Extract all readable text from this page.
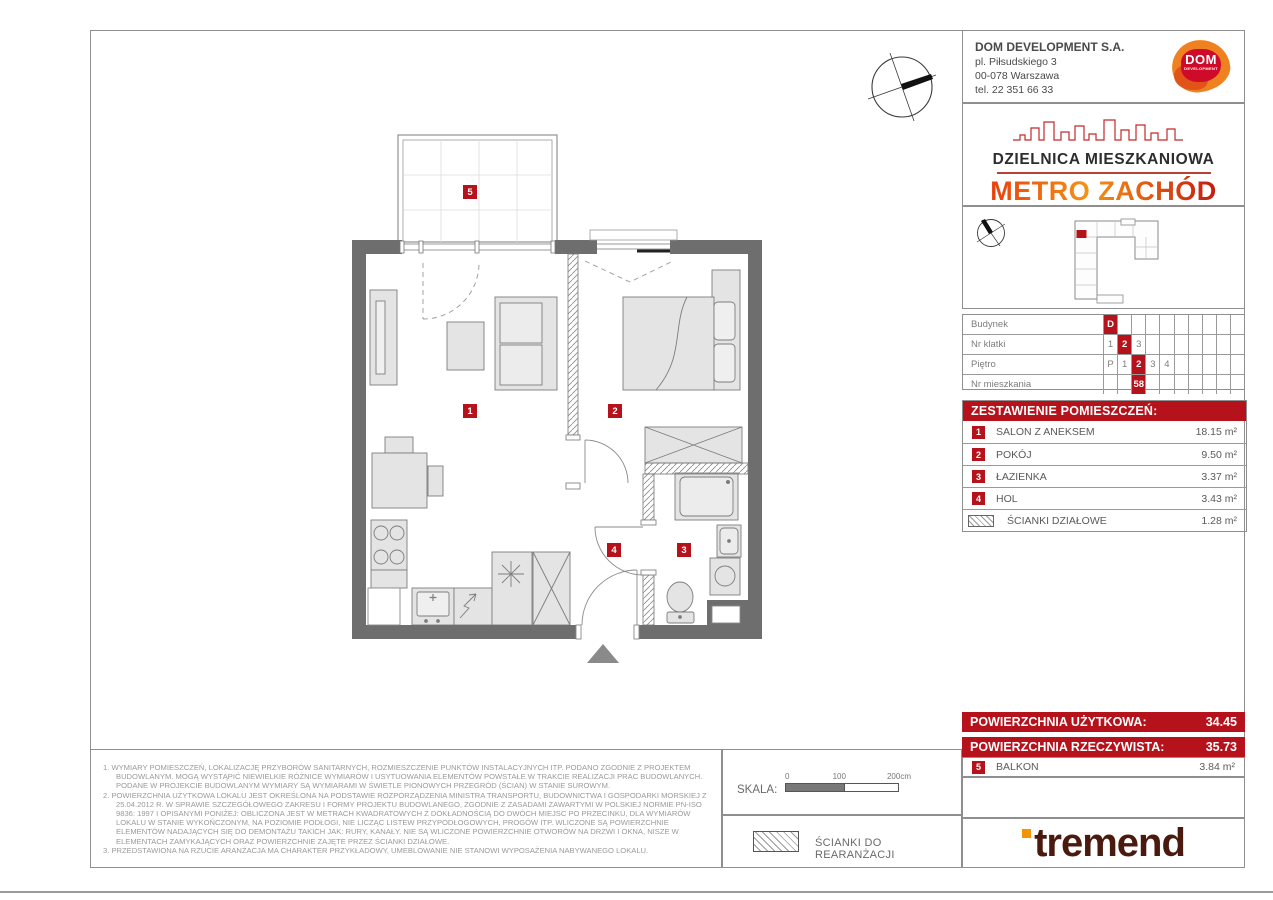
1	2
3
4
5
DOM DEVELOPMENT S.A.
pl. Piłsudskiego 3
00-078 Warszawa
tel. 22 351 66 33
DOM
DEVELOPMENT
DZIELNICA MIESZKANIOWA
METRO ZACHÓD
Budynek	D
Nr klatki	1 2 3
Piętro	P 1 2 3 4
Nr mieszkania	58
ZESTAWIENIE POMIESZCZEŃ:
1	SALON Z ANEKSEM	18.15 m²
2	POKÓJ	9.50 m²
3	ŁAZIENKA	3.37 m²
4	HOL	3.43 m²
ŚCIANKI DZIAŁOWE	1.28 m²
POWIERZCHNIA UŻYTKOWA:	34.45
POWIERZCHNIA RZECZYWISTA:	35.73
5	BALKON	3.84 m²
tremend
1. WYMIARY POMIESZCZEŃ, LOKALIZACJĘ PRZYBORÓW SANITARNYCH, ROZMIESZCZENIE PUNKTÓW INSTALACYJNYCH ITP. PODANO ZGODNIE Z PROJEKTEM BUDOWLANYM. MOGĄ WYSTĄPIĆ NIEWIELKIE RÓŻNICE WYMIARÓW I USYTUOWANIA ELEMENTÓW POWSTAŁE W TRAKCIE REALIZACJI PRAC BUDOWLANYCH. PODANE W PROJEKCIE BUDOWLANYM WYMIARY SĄ WYMIARAMI W ŚWIETLE PIONOWYCH PRZEGRÓD (ŚCIAN) W STANIE SUROWYM.
2. POWIERZCHNIA UŻYTKOWA LOKALU JEST OKREŚLONA NA PODSTAWIE ROZPORZĄDZENIA MINISTRA TRANSPORTU, BUDOWNICTWA I GOSPODARKI MORSKIEJ Z 25.04.2012 R. W SPRAWIE SZCZEGÓŁOWEGO ZAKRESU I FORMY PROJEKTU BUDOWLANEGO, ZGODNIE Z ZASADAMI ZAWARTYMI W POLSKIEJ NORMIE PN-ISO 9836: 1997 I OPISANYMI PONIŻEJ: OBLICZONA JEST W METRACH KWADRATOWYCH Z DOKŁADNOŚCIĄ DO DWÓCH MIEJSC PO PRZECINKU, DLA WYMIARÓW LOKALU W STANIE WYKOŃCZONYM, NA POZIOMIE PODŁOGI, NIE LICZĄC LISTEW PRZYPODŁOGOWYCH, PROGÓW ITP. WLICZONE SĄ POWIERZCHNIE ELEMENTÓW NADAJĄCYCH SIĘ DO DEMONTAŻU TAKICH JAK: RURY, KANAŁY. NIE SĄ WLICZONE POWIERZCHNIE OTWORÓW NA DRZWI I OKNA, NISZE W ELEMENTACH ZAMYKAJĄCYCH ORAZ POWIERZCHNIE ZAJĘTE PRZEZ ŚCIANKI DZIAŁOWE.
3. PRZEDSTAWIONA NA RZUCIE ARANŻACJA MA CHARAKTER PRZYKŁADOWY, UMEBLOWANIE NIE STANOWI WYPOSAŻENIA NABYWANEGO LOKALU.
SKALA:
0	100	200cm
ŚCIANKI DO REARANŻACJI
